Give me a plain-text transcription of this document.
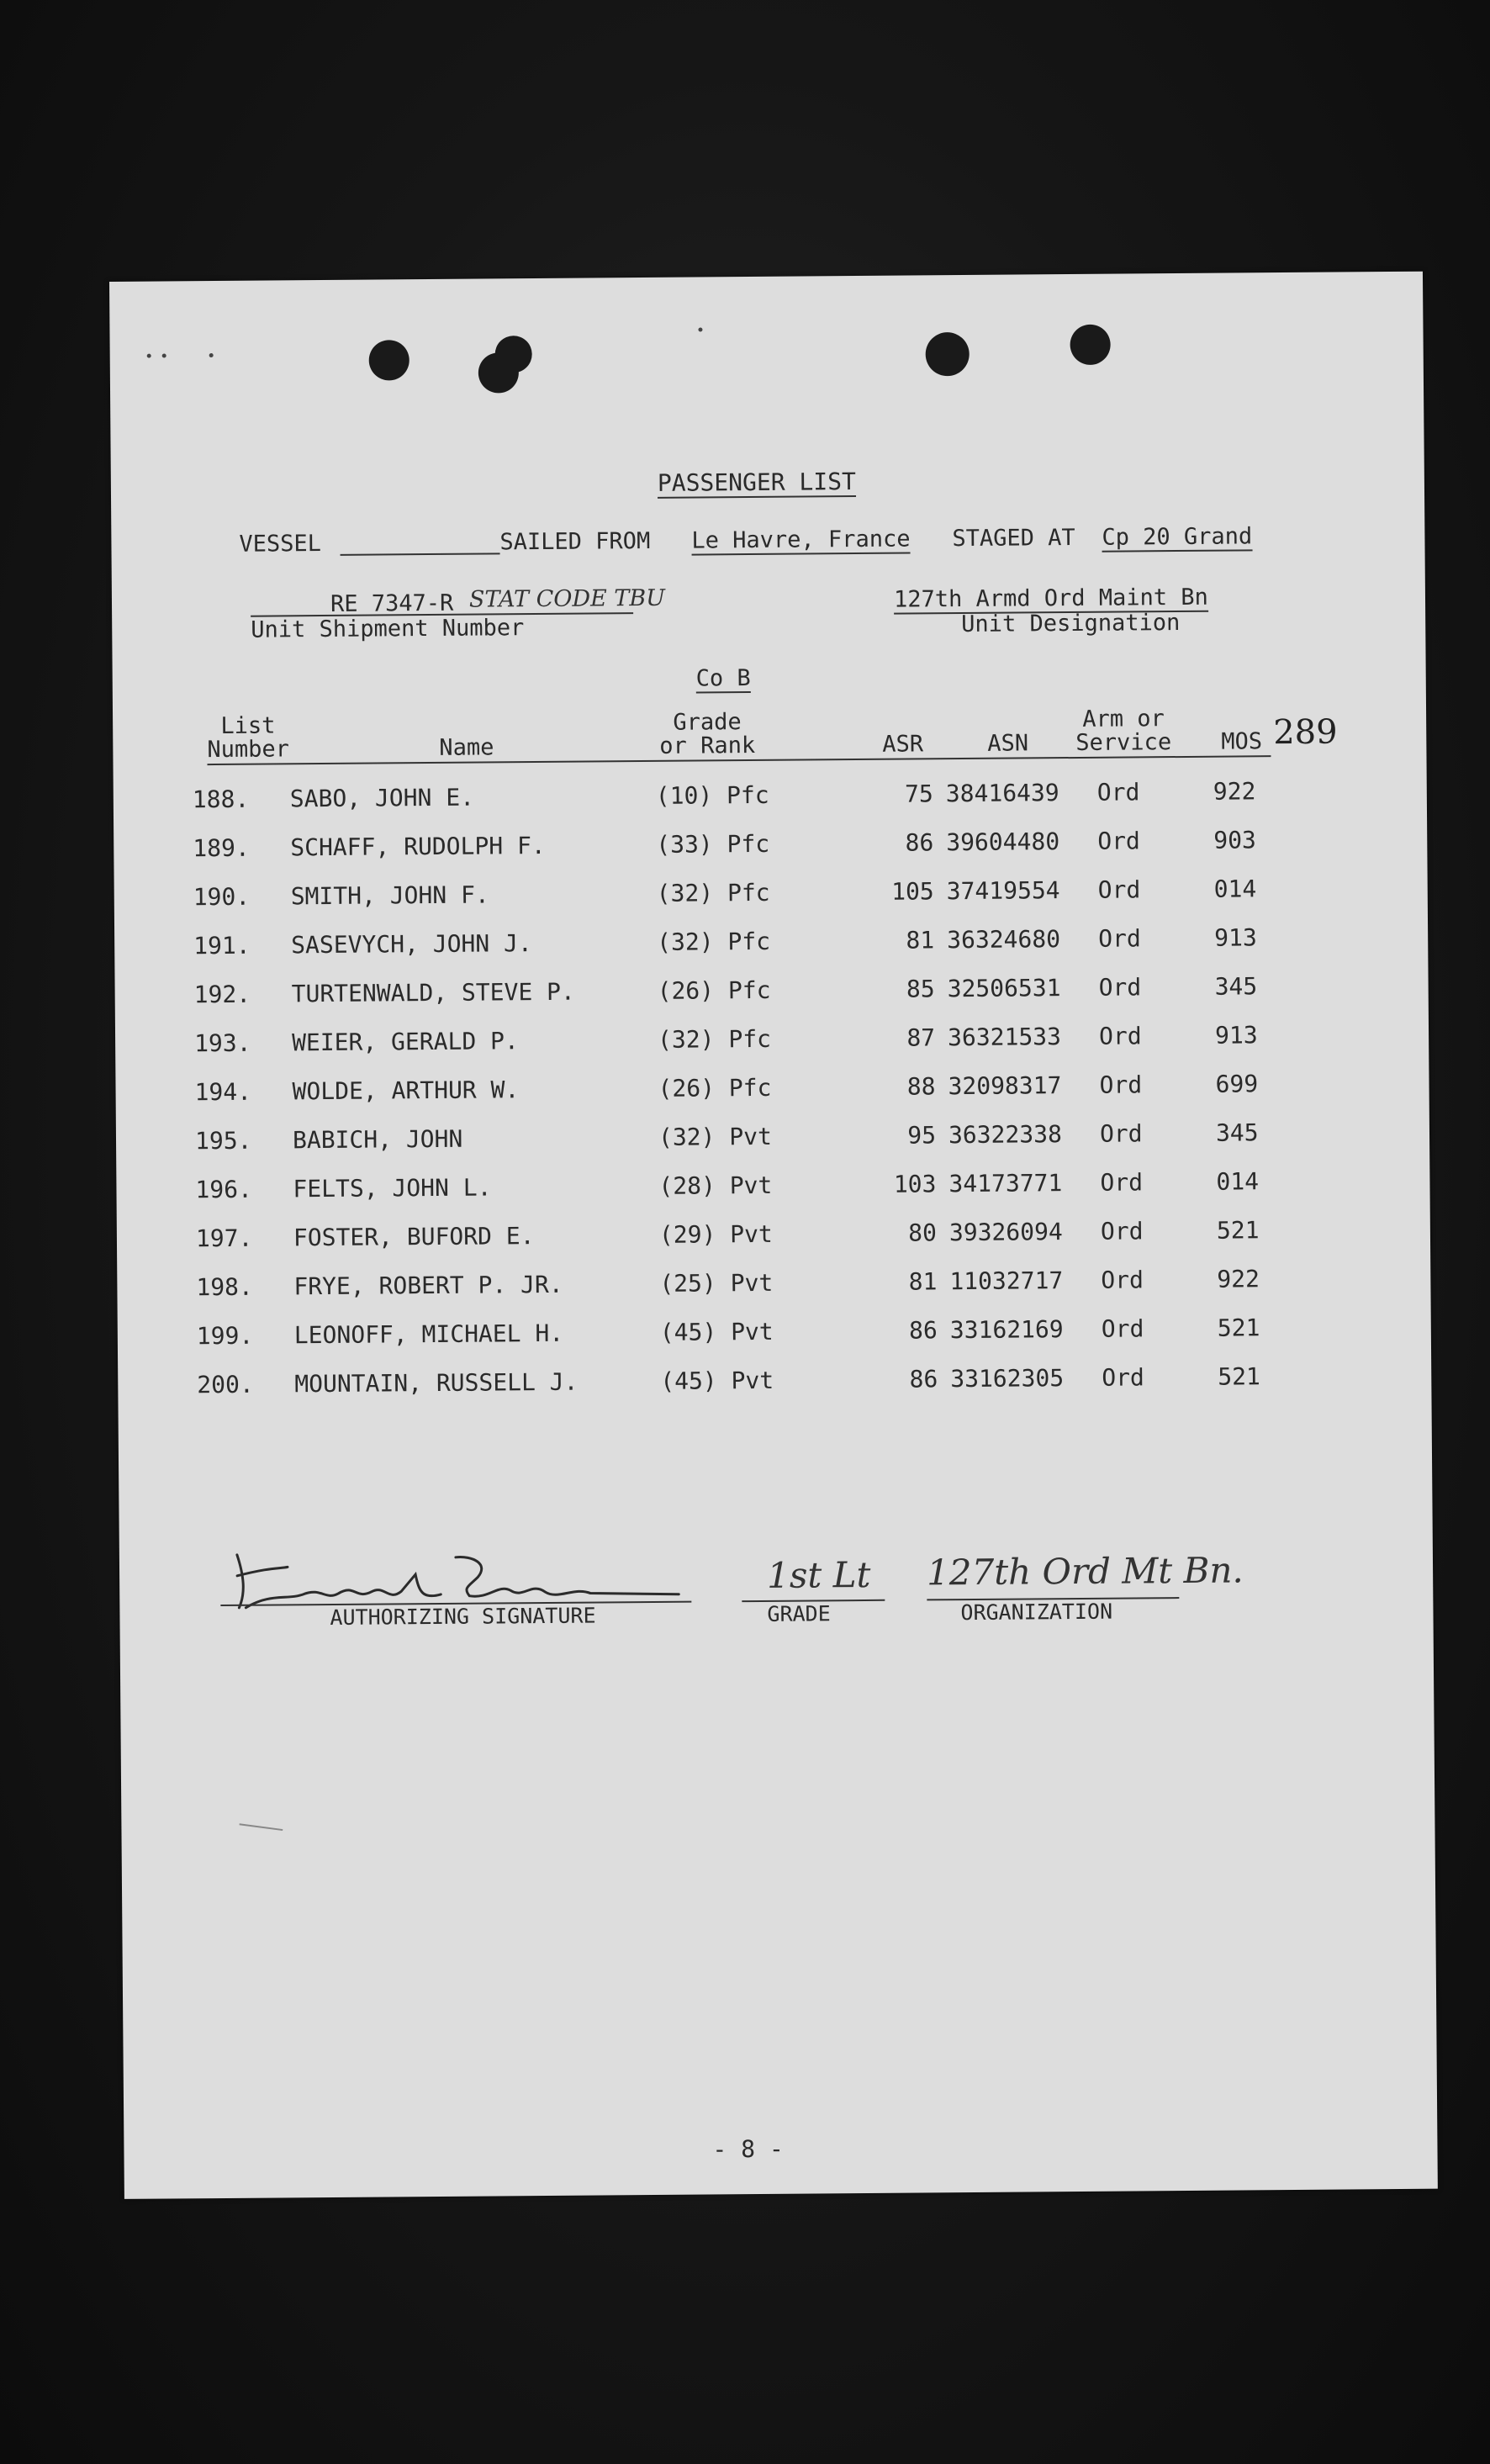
PASSENGER LIST
VESSEL	SAILED FROM Le Havre, France STAGED AT Cp 20 Grand
RE 7347-R STAT CODE TBU
Unit Shipment Number
127th Armd Ord Maint Bn
Unit Designation
Co B
List
Number	Name
Grade
or Rank	ASR	ASN
Arm or
Service MOS 289
188. SABO, JOHN E.	(10) Pfc	75 38416439 Ord	922
189. SCHAFF, RUDOLPH F.	(33) Pfc	86 39604480 Ord	903
190. SMITH, JOHN F.	(32) Pfc	105 37419554 Ord	014
191. SASEVYCH, JOHN J.	(32) Pfc	81 36324680 Ord	913
192. TURTENWALD, STEVE P.	(26) Pfc	85 32506531 Ord	345
193. WEIER, GERALD P.	(32) Pfc	87 36321533 Ord	913
194. WOLDE, ARTHUR W.	(26) Pfc	88 32098317 Ord	699
195. BABICH, JOHN	(32) Pvt	95 36322338 Ord	345
196. FELTS, JOHN L.	(28) Pvt	103 34173771 Ord	014
197. FOSTER, BUFORD E.	(29) Pvt	80 39326094 Ord	521
198. FRYE, ROBERT P. JR.	(25) Pvt	81 11032717 Ord	922
199. LEONOFF, MICHAEL H.	(45) Pvt	86 33162169 Ord	521
200. MOUNTAIN, RUSSELL J.	(45) Pvt	86 33162305 Ord	521
AUTHORIZING SIGNATURE
1st Lt
GRADE
127th Ord Mt Bn.
ORGANIZATION
- 8 -
